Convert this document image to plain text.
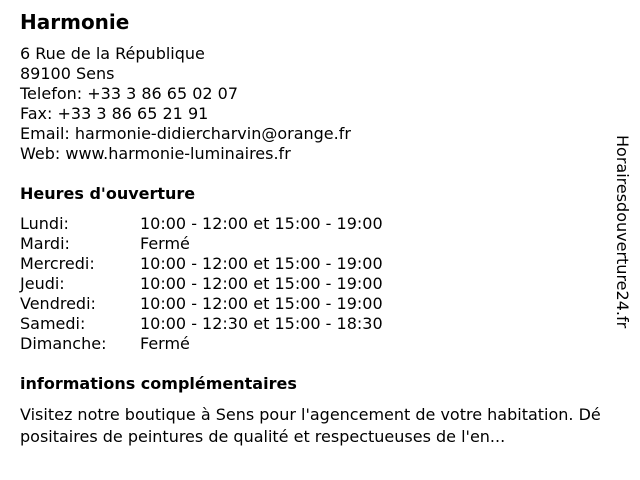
Harmonie
6 Rue de la République
89100 Sens
Telefon: +33 3 86 65 02 07
Fax: +33 3 86 65 21 91
Email: harmonie-didiercharvin@orange.fr
Web: www.harmonie-luminaires.fr
Heures d'ouverture
Lundi:	10:00 - 12:00 et 15:00 - 19:00
Mardi:	Fermé
Mercredi:	10:00 - 12:00 et 15:00 - 19:00
Jeudi:	10:00 - 12:00 et 15:00 - 19:00
Vendredi:	10:00 - 12:00 et 15:00 - 19:00
Samedi:	10:00 - 12:30 et 15:00 - 18:30
Dimanche: Fermé
informations complémentaires

Visitez notre boutique à Sens pour l'agencement de votre habitation. Dépositaires de peintures de qualité et respectueuses de l'en...

Horairesdouverture24.fr
